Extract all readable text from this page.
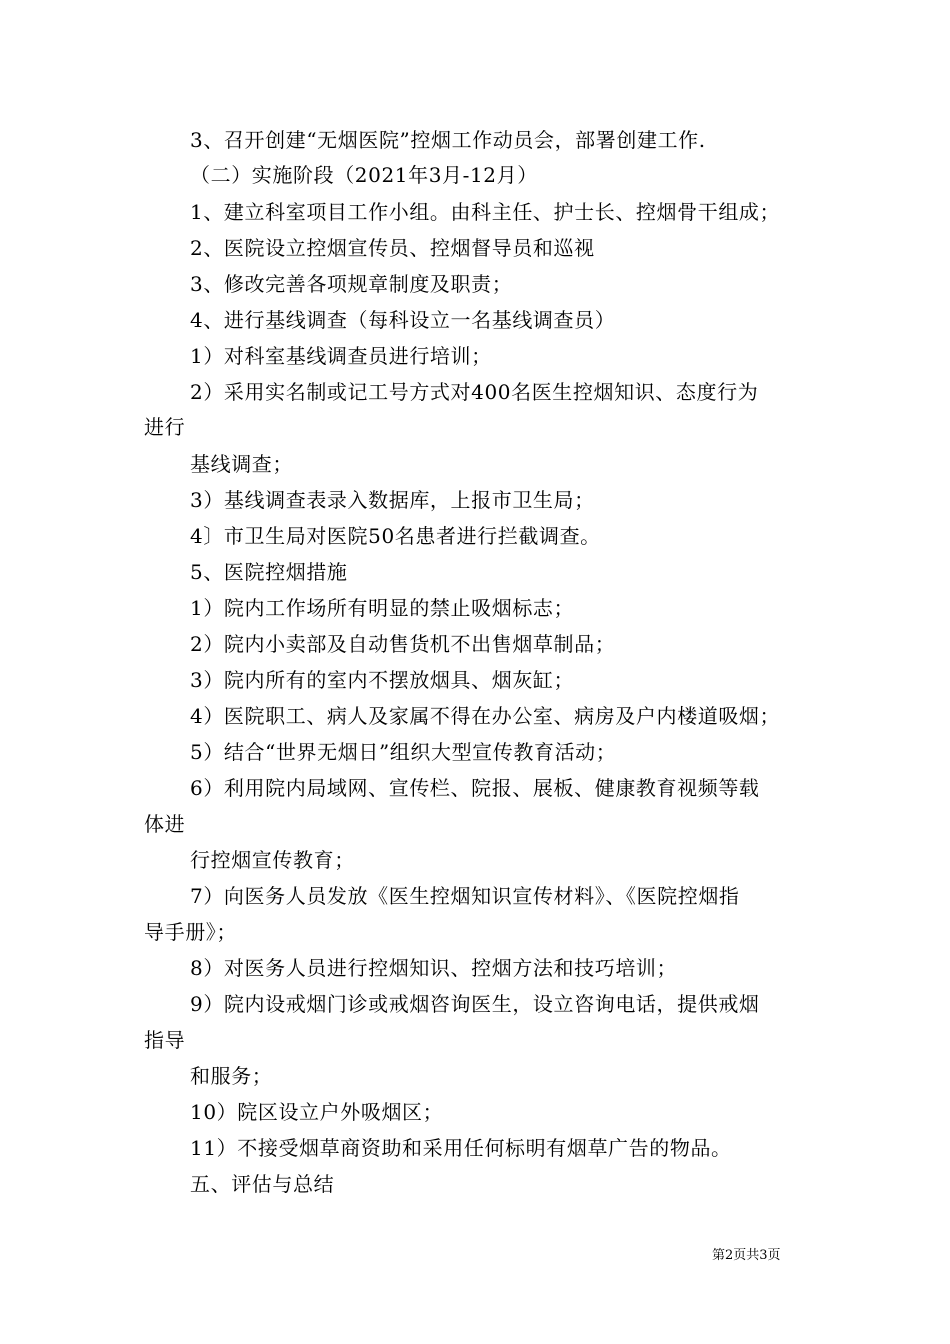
3、召开创建“无烟医院”控烟工作动员会，部署创建工作.
（二）实施阶段（2021年3月-12月）
1、建立科室项目工作小组。由科主任、护士长、控烟骨干组成；
2、医院设立控烟宣传员、控烟督导员和巡视
3、修改完善各项规章制度及职责；
4、进行基线调查（每科设立一名基线调查员）
1）对科室基线调查员进行培训；
2）采用实名制或记工号方式对400名医生控烟知识、态度行为
进行
基线调查；
3）基线调查表录入数据库，上报市卫生局；
4〕市卫生局对医院50名患者进行拦截调查。
5、医院控烟措施
1）院内工作场所有明显的禁止吸烟标志；
2）院内小卖部及自动售货机不出售烟草制品；
3）院内所有的室内不摆放烟具、烟灰缸；
4）医院职工、病人及家属不得在办公室、病房及户内楼道吸烟；
5）结合“世界无烟日”组织大型宣传教育活动；
6）利用院内局域网、宣传栏、院报、展板、健康教育视频等载
体进
行控烟宣传教育；
7）向医务人员发放《医生控烟知识宣传材料》、《医院控烟指
导手册》；
8）对医务人员进行控烟知识、控烟方法和技巧培训；
9）院内设戒烟门诊或戒烟咨询医生，设立咨询电话，提供戒烟
指导
和服务；
10）院区设立户外吸烟区；
11）不接受烟草商资助和采用任何标明有烟草广告的物品。
五、评估与总结
第2页共3页
